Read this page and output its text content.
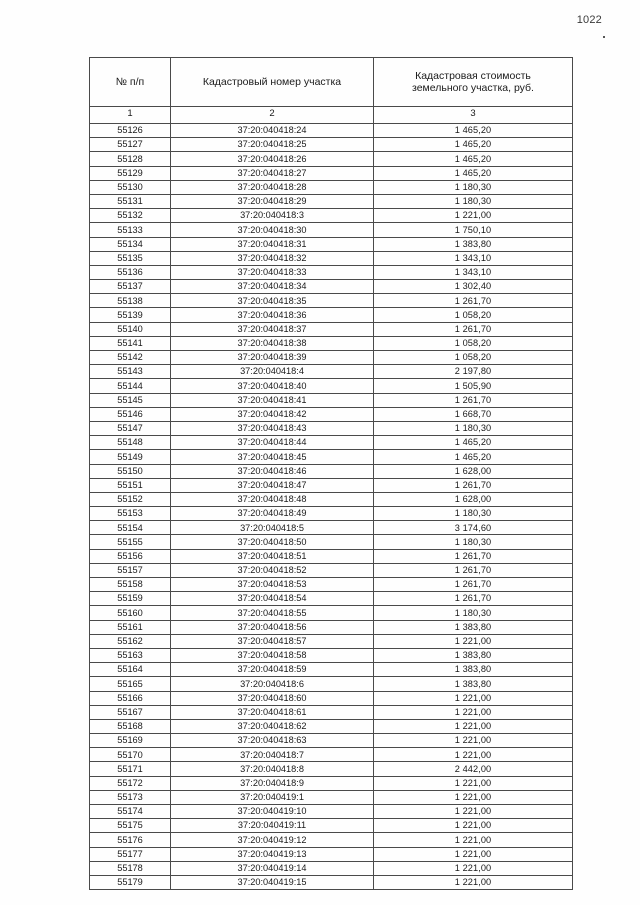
1022
№ п/п	Кадастровый номер участка	Кадастровая стоимость
земельного участка, руб.

1	2	3
55126	37:20:040418:24	1 465,20
55127	37:20:040418:25	1 465,20
55128	37:20:040418:26	1 465,20
55129	37:20:040418:27	1 465,20
55130	37:20:040418:28	1 180,30
55131	37:20:040418:29	1 180,30
55132	37:20:040418:3	1 221,00
55133	37:20:040418:30	1 750,10
55134	37:20:040418:31	1 383,80
55135	37:20:040418:32	1 343,10
55136	37:20:040418:33	1 343,10
55137	37:20:040418:34	1 302,40
55138	37:20:040418:35	1 261,70
55139	37:20:040418:36	1 058,20
55140	37:20:040418:37	1 261,70
55141	37:20:040418:38	1 058,20
55142	37:20:040418:39	1 058,20
55143	37:20:040418:4	2 197,80
55144	37:20:040418:40	1 505,90
55145	37:20:040418:41	1 261,70
55146	37:20:040418:42	1 668,70
55147	37:20:040418:43	1 180,30
55148	37:20:040418:44	1 465,20
55149	37:20:040418:45	1 465,20
55150	37:20:040418:46	1 628,00
55151	37:20:040418:47	1 261,70
55152	37:20:040418:48	1 628,00
55153	37:20:040418:49	1 180,30
55154	37:20:040418:5	3 174,60
55155	37:20:040418:50	1 180,30
55156	37:20:040418:51	1 261,70
55157	37:20:040418:52	1 261,70
55158	37:20:040418:53	1 261,70
55159	37:20:040418:54	1 261,70
55160	37:20:040418:55	1 180,30
55161	37:20:040418:56	1 383,80
55162	37:20:040418:57	1 221,00
55163	37:20:040418:58	1 383,80
55164	37:20:040418:59	1 383,80
55165	37:20:040418:6	1 383,80
55166	37:20:040418:60	1 221,00
55167	37:20:040418:61	1 221,00
55168	37:20:040418:62	1 221,00
55169	37:20:040418:63	1 221,00
55170	37:20:040418:7	1 221,00
55171	37:20:040418:8	2 442,00
55172	37:20:040418:9	1 221,00
55173	37:20:040419:1	1 221,00
55174	37:20:040419:10	1 221,00
55175	37:20:040419:11	1 221,00
55176	37:20:040419:12	1 221,00
55177	37:20:040419:13	1 221,00
55178	37:20:040419:14	1 221,00
55179	37:20:040419:15	1 221,00
